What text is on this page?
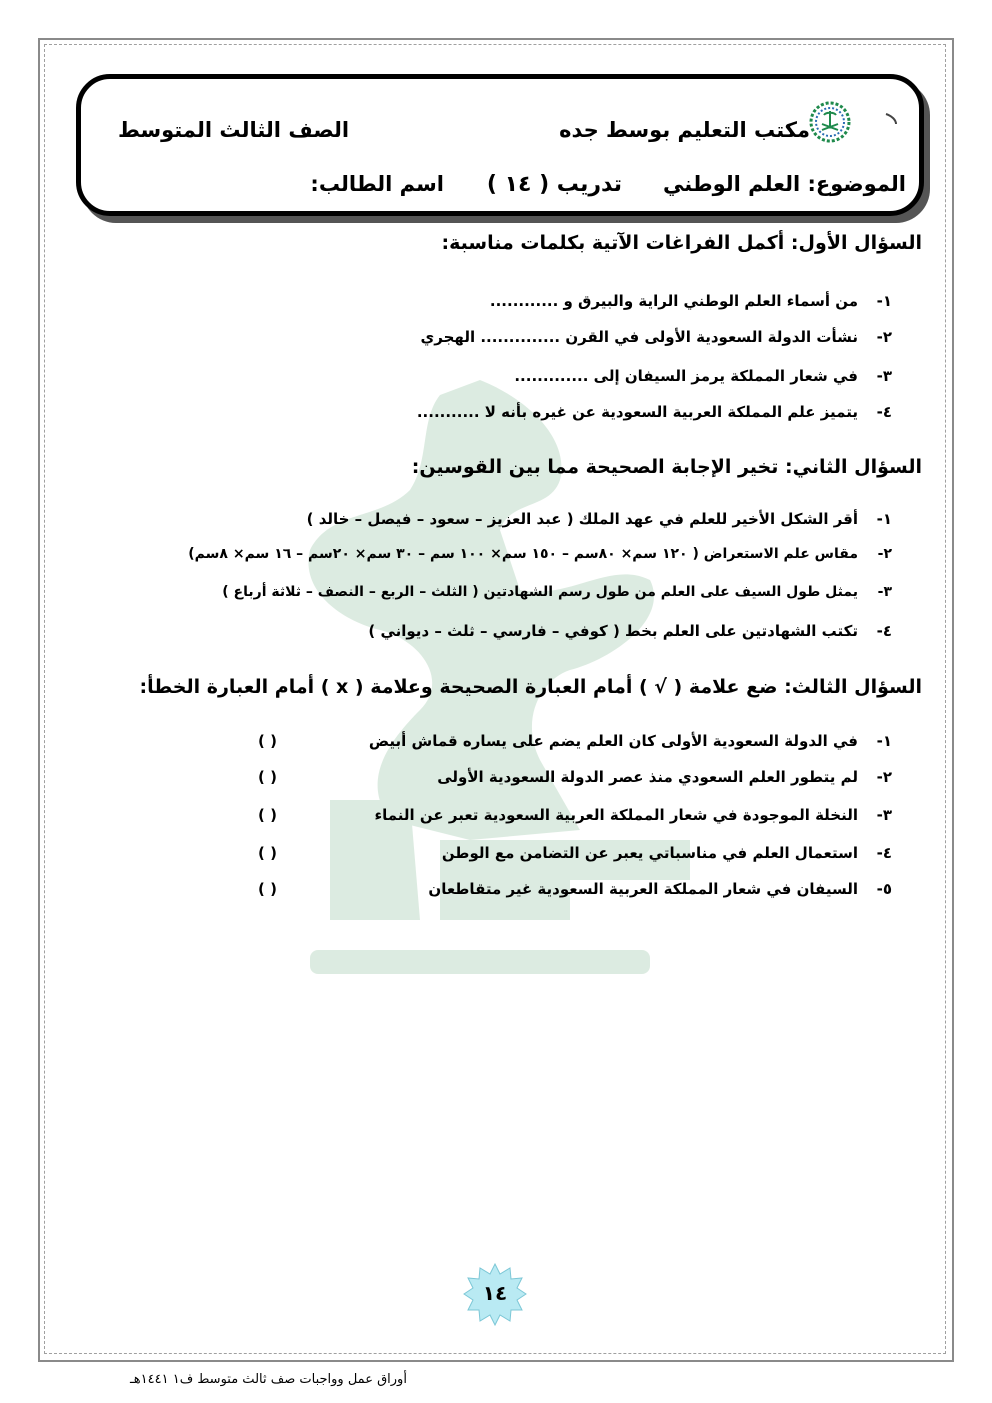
مكتب التعليم بوسط جده
الصف الثالث المتوسط
الموضوع: العلم الوطني
تدريب ( ١٤ )
اسم الطالب:
السؤال الأول: أكمل الفراغات الآتية بكلمات مناسبة:
١-من أسماء العلم الوطني الراية والبيرق و ............
٢-نشأت الدولة السعودية الأولى في القرن .............. الهجري
٣-في شعار المملكة يرمز السيفان إلى .............
٤-يتميز علم المملكة العربية السعودية عن غيره بأنه لا ...........
السؤال الثاني: تخير الإجابة الصحيحة مما بين القوسين:
١-أقر الشكل الأخير للعلم في عهد الملك ( عبد العزيز – سعود – فيصل – خالد )
٢-مقاس علم الاستعراض ( ١٢٠ سم× ٨٠سم – ١٥٠ سم× ١٠٠ سم – ٣٠ سم× ٢٠سم – ١٦ سم× ٨سم)
٣-يمثل طول السيف على العلم من طول رسم الشهادتين ( الثلث – الربع – النصف – ثلاثة أرباع )
٤-تكتب الشهادتين على العلم بخط ( كوفي – فارسي – ثلث – ديواني )
السؤال الثالث: ضع علامة ( √ ) أمام العبارة الصحيحة وعلامة ( x ) أمام العبارة الخطأ:
١-في الدولة السعودية الأولى كان العلم يضم على يساره قماش أبيض
( )
٢-لم يتطور العلم السعودي منذ عصر الدولة السعودية الأولى
( )
٣-النخلة الموجودة في شعار المملكة العربية السعودية تعبر عن النماء
( )
٤-استعمال العلم في مناسباتي يعبر عن التضامن مع الوطن
( )
٥-السيفان في شعار المملكة العربية السعودية غير متقاطعان
( )
١٤
أوراق عمل وواجبات صف ثالث متوسط ف١ ١٤٤١هـ
